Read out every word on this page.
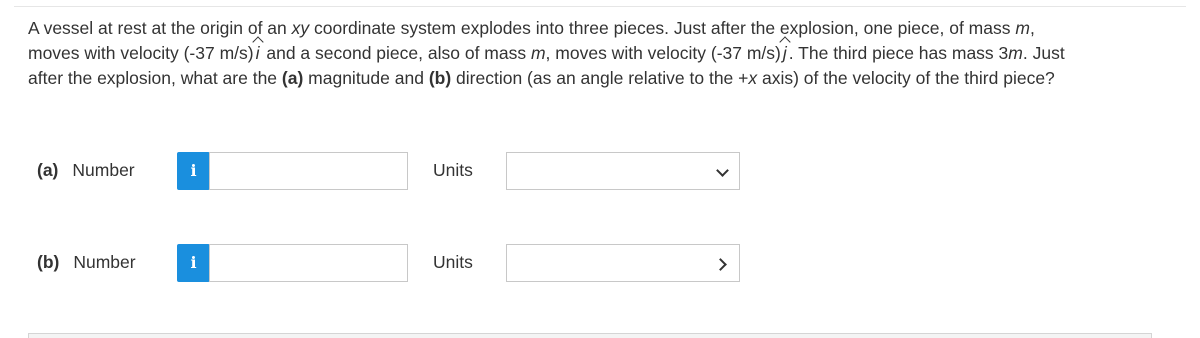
A vessel at rest at the origin of an xy coordinate system explodes into three pieces. Just after the explosion, one piece, of mass m,
moves with velocity (-37 m/s) i and a second piece, also of mass m, moves with velocity (-37 m/s) j . The third piece has mass 3m. Just
after the explosion, what are the (a) magnitude and (b) direction (as an angle relative to the +x axis) of the velocity of the third piece?
(a) Number	i	Units
(b) Number	i	Units
